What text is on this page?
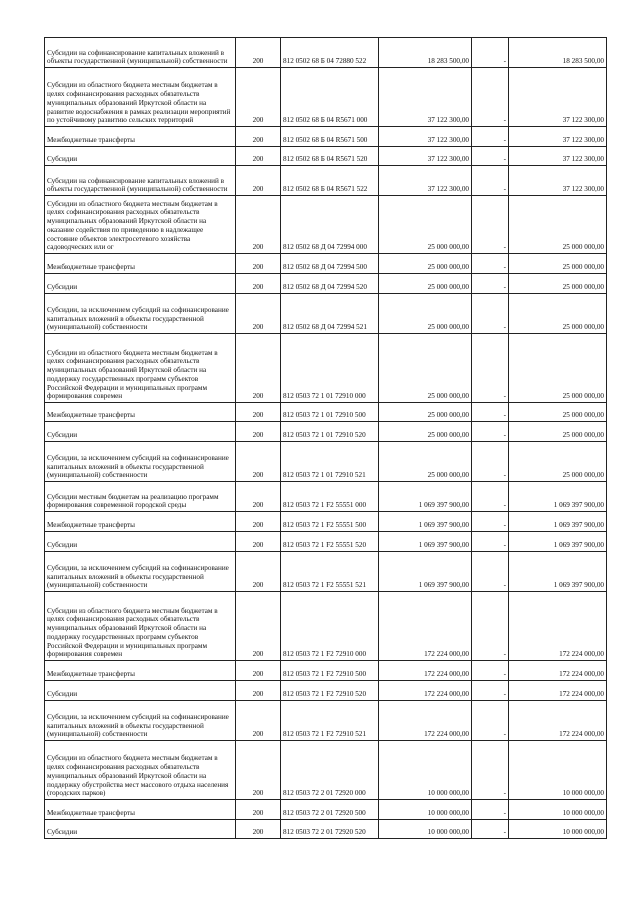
Субсидии на софинансирование капитальных вложений в объекты государственной (муниципальной) собственности	200	812 0502 68 Б 04 72880 522	18 283 500,00	-	18 283 500,00
Субсидии из областного бюджета местным бюджетам в целях софинансирования расходных обязательств муниципальных образований Иркутской области на развитие водоснабжения в рамках реализации мероприятий по устойчивому развитию сельских территорий	200	812 0502 68 Б 04 R5671 000	37 122 300,00	-	37 122 300,00
Межбюджетные трансферты	200	812 0502 68 Б 04 R5671 500	37 122 300,00	-	37 122 300,00
Субсидии	200	812 0502 68 Б 04 R5671 520	37 122 300,00	-	37 122 300,00
Субсидии на софинансирование капитальных вложений в объекты государственной (муниципальной) собственности	200	812 0502 68 Б 04 R5671 522	37 122 300,00	-	37 122 300,00
Субсидии из областного бюджета местным бюджетам в целях софинансирования расходных обязательств муниципальных образований Иркутской области на оказание содействия по приведению в надлежащее состояние объектов электросетевого хозяйства садоводческих или ог	200	812 0502 68 Д 04 72994 000	25 000 000,00	-	25 000 000,00
Межбюджетные трансферты	200	812 0502 68 Д 04 72994 500	25 000 000,00	-	25 000 000,00
Субсидии	200	812 0502 68 Д 04 72994 520	25 000 000,00	-	25 000 000,00
Субсидии, за исключением субсидий на софинансирование капитальных вложений в объекты государственной (муниципальной) собственности	200	812 0502 68 Д 04 72994 521	25 000 000,00	-	25 000 000,00
Субсидии из областного бюджета местным бюджетам в целях софинансирования расходных обязательств муниципальных образований Иркутской области на поддержку государственных программ субъектов Российской Федерации и муниципальных программ формирования современ	200	812 0503 72 1 01 72910 000	25 000 000,00	-	25 000 000,00
Межбюджетные трансферты	200	812 0503 72 1 01 72910 500	25 000 000,00	-	25 000 000,00
Субсидии	200	812 0503 72 1 01 72910 520	25 000 000,00	-	25 000 000,00
Субсидии, за исключением субсидий на софинансирование капитальных вложений в объекты государственной (муниципальной) собственности	200	812 0503 72 1 01 72910 521	25 000 000,00	-	25 000 000,00
Субсидии местным бюджетам на реализацию программ формирования современной городской среды	200	812 0503 72 1 F2 55551 000	1 069 397 900,00	-	1 069 397 900,00
Межбюджетные трансферты	200	812 0503 72 1 F2 55551 500	1 069 397 900,00	-	1 069 397 900,00
Субсидии	200	812 0503 72 1 F2 55551 520	1 069 397 900,00	-	1 069 397 900,00
Субсидии, за исключением субсидий на софинансирование капитальных вложений в объекты государственной (муниципальной) собственности	200	812 0503 72 1 F2 55551 521	1 069 397 900,00	-	1 069 397 900,00
Субсидии из областного бюджета местным бюджетам в целях софинансирования расходных обязательств муниципальных образований Иркутской области на поддержку государственных программ субъектов Российской Федерации и муниципальных программ формирования современ	200	812 0503 72 1 F2 72910 000	172 224 000,00	-	172 224 000,00
Межбюджетные трансферты	200	812 0503 72 1 F2 72910 500	172 224 000,00	-	172 224 000,00
Субсидии	200	812 0503 72 1 F2 72910 520	172 224 000,00	-	172 224 000,00
Субсидии, за исключением субсидий на софинансирование капитальных вложений в объекты государственной (муниципальной) собственности	200	812 0503 72 1 F2 72910 521	172 224 000,00	-	172 224 000,00
Субсидии из областного бюджета местным бюджетам в целях софинансирования расходных обязательств муниципальных образований Иркутской области на поддержку обустройства мест массового отдыха населения (городских парков)	200	812 0503 72 2 01 72920 000	10 000 000,00	-	10 000 000,00
Межбюджетные трансферты	200	812 0503 72 2 01 72920 500	10 000 000,00	-	10 000 000,00
Субсидии	200	812 0503 72 2 01 72920 520	10 000 000,00	-	10 000 000,00
